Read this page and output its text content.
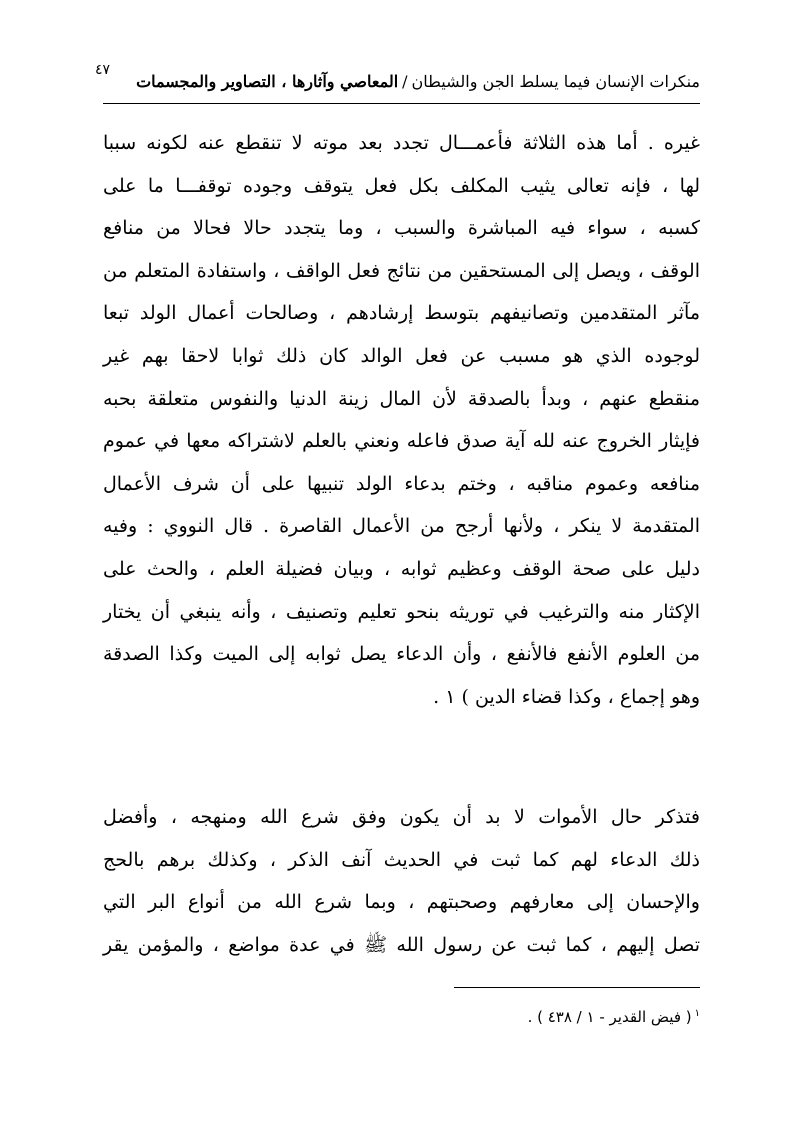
٤٧
منكرات الإنسان فيما يسلط الجن والشيطان/المعاصي وآثارها ، التصاوير والمجسمات
غيره . أما هذه الثلاثة فأعمـــال تجدد بعد موته لا تنقطع عنه لكونه سببا
لها ، فإنه تعالى يثيب المكلف بكل فعل يتوقف وجوده توقفـــا ما على
كسبه ، سواء فيه المباشرة والسبب ، وما يتجدد حالا فحالا من منافع
الوقف ، ويصل إلى المستحقين من نتائج فعل الواقف ، واستفادة المتعلم من
مآثر المتقدمين وتصانيفهم بتوسط إرشادهم ، وصالحات أعمال الولد تبعا
لوجوده الذي هو مسبب عن فعل الوالد كان ذلك ثوابا لاحقا بهم غير
منقطع عنهم ، وبدأ بالصدقة لأن المال زينة الدنيا والنفوس متعلقة بحبه
فإيثار الخروج عنه لله آية صدق فاعله ونعني بالعلم لاشتراكه معها في عموم
منافعه وعموم مناقبه ، وختم بدعاء الولد تنبيها على أن شرف الأعمال
المتقدمة لا ينكر ، ولأنها أرجح من الأعمال القاصرة . قال النووي : وفيه
دليل على صحة الوقف وعظيم ثوابه ، وبيان فضيلة العلم ، والحث على
الإكثار منه والترغيب في توريثه بنحو تعليم وتصنيف ، وأنه ينبغي أن يختار
من العلوم الأنفع فالأنفع ، وأن الدعاء يصل ثوابه إلى الميت وكذا الصدقة
وهو إجماع ، وكذا قضاء الدين ) ١ .
فتذكر حال الأموات لا بد أن يكون وفق شرع الله ومنهجه ، وأفضل
ذلك الدعاء لهم كما ثبت في الحديث آنف الذكر ، وكذلك برهم بالحج
والإحسان إلى معارفهم وصحبتهم ، وبما شرع الله من أنواع البر التي
تصل إليهم ، كما ثبت عن رسول الله ﷺ في عدة مواضع ، والمؤمن يقر
$^١$( فيض القدير - ١ / ٤٣٨ ) .
